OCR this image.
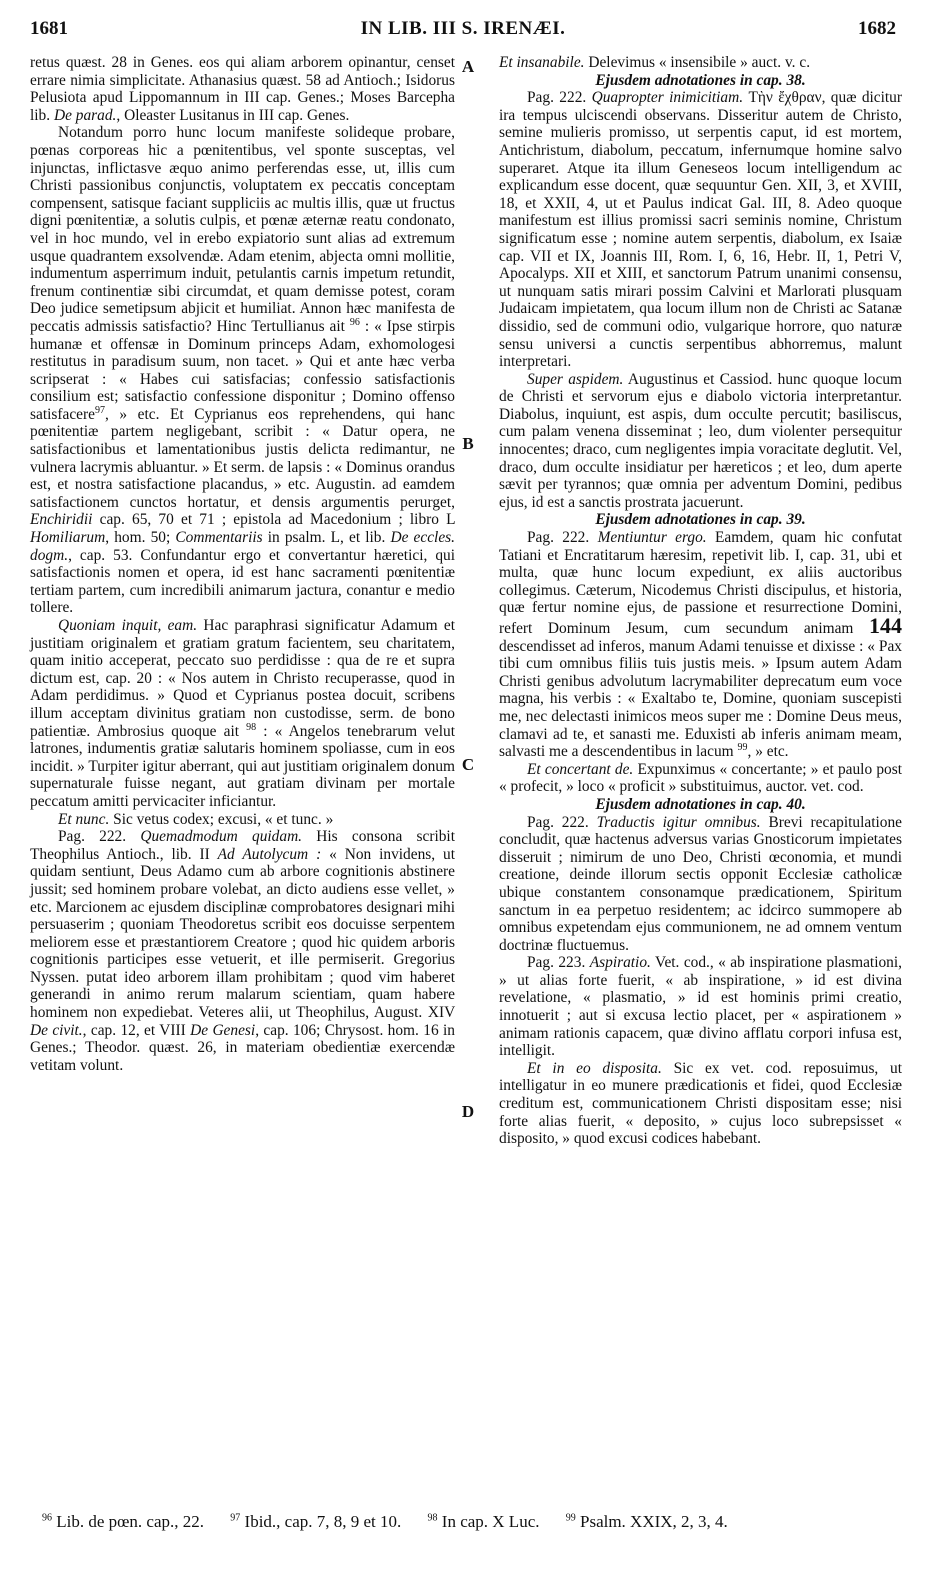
1681	IN LIB. III S. IRENÆI.	1682
A
B
C
D

retus quæst. 28 in Genes. eos qui aliam arborem opinantur, censet errare nimia simplicitate. Athanasius quæst. 58 ad Antioch.; Isidorus Pelusiota apud Lippomannum in III cap. Genes.; Moses Barcepha lib. De parad., Oleaster Lusitanus in III cap. Genes.

Notandum porro hunc locum manifeste solideque probare, pœnas corporeas hic a pœnitentibus, vel sponte susceptas, vel injunctas, inflictasve æquo animo perferendas esse, ut, illis cum Christi passionibus conjunctis, voluptatem ex peccatis conceptam compensent, satisque faciant suppliciis ac multis illis, quæ ut fructus digni pœnitentiæ, a solutis culpis, et pœnæ æternæ reatu condonato, vel in hoc mundo, vel in erebo expiatorio sunt alias ad extremum usque quadrantem exsolvendæ. Adam etenim, abjecta omni mollitie, indumentum asperrimum induit, petulantis carnis impetum retundit, frenum continentiæ sibi circumdat, et quam demisse potest, coram Deo judice semetipsum abjicit et humiliat. Annon hæc manifesta de peccatis admissis satisfactio? Hinc Tertullianus ait $^{96}$ : « Ipse stirpis humanæ et offensæ in Dominum princeps Adam, exhomologesi restitutus in paradisum suum, non tacet. » Qui et ante hæc verba scripserat : « Habes cui satisfacias; confessio satisfactionis consilium est; satisfactio confessione disponitur ; Domino offenso satisfacere$^{97}$, » etc. Et Cyprianus eos reprehendens, qui hanc pœnitentiæ partem negligebant, scribit : « Datur opera, ne satisfactionibus et lamentationibus justis delicta redimantur, ne vulnera lacrymis abluantur. » Et serm. de lapsis : « Dominus orandus est, et nostra satisfactione placandus, » etc. Augustin. ad eamdem satisfactionem cunctos hortatur, et densis argumentis perurget, Enchiridii cap. 65, 70 et 71 ; epistola ad Macedonium ; libro L Homiliarum, hom. 50; Commentariis in psalm. L, et lib. De eccles. dogm., cap. 53. Confundantur ergo et convertantur hæretici, qui satisfactionis nomen et opera, id est hanc sacramenti pœnitentiæ tertiam partem, cum incredibili animarum jactura, conantur e medio tollere.

Quoniam inquit, eam. Hac paraphrasi significatur Adamum et justitiam originalem et gratiam gratum facientem, seu charitatem, quam initio acceperat, peccato suo perdidisse : qua de re et supra dictum est, cap. 20 : « Nos autem in Christo recuperasse, quod in Adam perdidimus. » Quod et Cyprianus postea docuit, scribens illum acceptam divinitus gratiam non custodisse, serm. de bono patientiæ. Ambrosius quoque ait $^{98}$ : « Angelos tenebrarum velut latrones, indumentis gratiæ salutaris hominem spoliasse, cum in eos incidit. » Turpiter igitur aberrant, qui aut justitiam originalem donum supernaturale fuisse negant, aut gratiam divinam per mortale peccatum amitti pervicaciter inficiantur.

Et nunc. Sic vetus codex; excusi, « et tunc. »

Pag. 222. Quemadmodum quidam. His consona scribit Theophilus Antioch., lib. II Ad Autolycum : « Non invidens, ut quidam sentiunt, Deus Adamo cum ab arbore cognitionis abstinere jussit; sed hominem probare volebat, an dicto audiens esse vellet, » etc. Marcionem ac ejusdem disciplinæ comprobatores designari mihi persuaserim ; quoniam Theodoretus scribit eos docuisse serpentem meliorem esse et præstantiorem Creatore ; quod hic quidem arboris cognitionis participes esse vetuerit, et ille permiserit. Gregorius Nyssen. putat ideo arborem illam prohibitam ; quod vim haberet generandi in animo rerum malarum scientiam, quam habere hominem non expediebat. Veteres alii, ut Theophilus, August. XIV De civit., cap. 12, et VIII De Genesi, cap. 106; Chrysost. hom. 16 in Genes.; Theodor. quæst. 26, in materiam obedientiæ exercendæ vetitam volunt.

Et insanabile. Delevimus « insensibile » auct. v. c.

Ejusdem adnotationes in cap. 38.

Pag. 222. Quapropter inimicitiam. Τὴν ἔχθραν, quæ dicitur ira tempus ulciscendi observans. Disseritur autem de Christo, semine mulieris promisso, ut serpentis caput, id est mortem, Antichristum, diabolum, peccatum, infernumque homine salvo superaret. Atque ita illum Geneseos locum intelligendum ac explicandum esse docent, quæ sequuntur Gen. XII, 3, et XVIII, 18, et XXII, 4, ut et Paulus indicat Gal. III, 8. Adeo quoque manifestum est illius promissi sacri seminis nomine, Christum significatum esse ; nomine autem serpentis, diabolum, ex Isaiæ cap. VII et IX, Joannis III, Rom. I, 6, 16, Hebr. II, 1, Petri V, Apocalyps. XII et XIII, et sanctorum Patrum unanimi consensu, ut nunquam satis mirari possim Calvini et Marlorati plusquam Judaicam impietatem, qua locum illum non de Christi ac Satanæ dissidio, sed de communi odio, vulgarique horrore, quo naturæ sensu universi a cunctis serpentibus abhorremus, malunt interpretari.

Super aspidem. Augustinus et Cassiod. hunc quoque locum de Christi et servorum ejus e diabolo victoria interpretantur. Diabolus, inquiunt, est aspis, dum occulte percutit; basiliscus, cum palam venena disseminat ; leo, dum violenter persequitur innocentes; draco, cum negligentes impia voracitate deglutit. Vel, draco, dum occulte insidiatur per hæreticos ; et leo, dum aperte sævit per tyrannos; quæ omnia per adventum Domini, pedibus ejus, id est a sanctis prostrata jacuerunt.

Ejusdem adnotationes in cap. 39.

Pag. 222. Mentiuntur ergo. Eamdem, quam hic confutat Tatiani et Encratitarum hæresim, repetivit lib. I, cap. 31, ubi et multa, quæ hunc locum expediunt, ex aliis auctoribus collegimus. Cæterum, Nicodemus Christi discipulus, et historia, quæ fertur nomine ejus, de passione et resurrectione Domini, refert Dominum Jesum, cum secundum animam 144 descendisset ad inferos, manum Adami tenuisse et dixisse : « Pax tibi cum omnibus filiis tuis justis meis. » Ipsum autem Adam Christi genibus advolutum lacrymabiliter deprecatum eum voce magna, his verbis : « Exaltabo te, Domine, quoniam suscepisti me, nec delectasti inimicos meos super me : Domine Deus meus, clamavi ad te, et sanasti me. Eduxisti ab inferis animam meam, salvasti me a descendentibus in lacum $^{99}$, » etc.

Et concertant de. Expunximus « concertante; » et paulo post « profecit, » loco « proficit » substituimus, auctor. vet. cod.

Ejusdem adnotationes in cap. 40.

Pag. 222. Traductis igitur omnibus. Brevi recapitulatione concludit, quæ hactenus adversus varias Gnosticorum impietates disseruit ; nimirum de uno Deo, Christi œconomia, et mundi creatione, deinde illorum sectis opponit Ecclesiæ catholicæ ubique constantem consonamque prædicationem, Spiritum sanctum in ea perpetuo residentem; ac idcirco summopere ab omnibus expetendam ejus communionem, ne ad omnem ventum doctrinæ fluctuemus.

Pag. 223. Aspiratio. Vet. cod., « ab inspiratione plasmationi, » ut alias forte fuerit, « ab inspiratione, » id est divina revelatione, « plasmatio, » id est hominis primi creatio, innotuerit ; aut si excusa lectio placet, per « aspirationem » animam rationis capacem, quæ divino afflatu corpori infusa est, intelligit.

Et in eo disposita. Sic ex vet. cod. reposuimus, ut intelligatur in eo munere prædicationis et fidei, quod Ecclesiæ creditum est, communicationem Christi dispositam esse; nisi forte alias fuerit, « deposito, » cujus loco subrepsisset « disposito, » quod excusi codices habebant.

$^{96}$ Lib. de pœn. cap., 22.	$^{97}$ Ibid., cap. 7, 8, 9 et 10.	$^{98}$ In cap. X Luc.	$^{99}$ Psalm. XXIX, 2, 3, 4.
